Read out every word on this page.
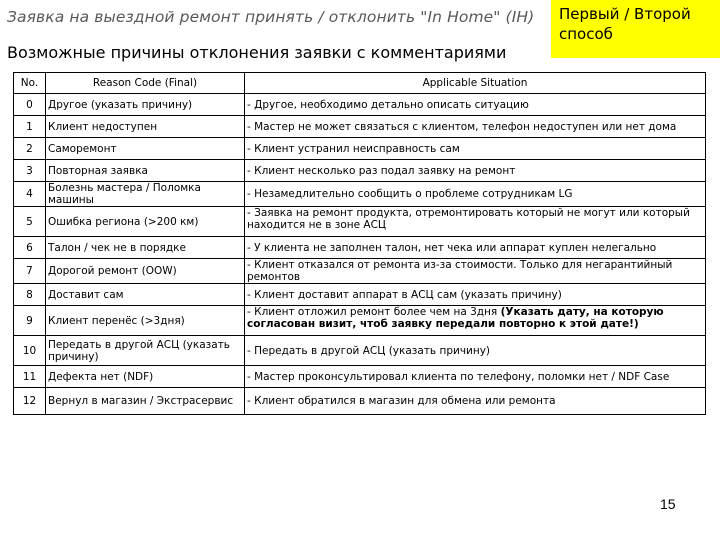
Заявка на выездной ремонт принять / отклонить "In Home" (IH)
Возможные причины отклонения заявки с комментариями
Первый / Второй способ
No.	Reason Code (Final)	Applicable Situation
0	Другое (указать причину)	- Другое, необходимо детально описать ситуацию
1	Клиент недоступен	- Мастер не может связаться с клиентом, телефон недоступен или нет дома
2	Саморемонт	- Клиент устранил неисправность сам
3	Повторная заявка	- Клиент несколько раз подал заявку на ремонт
4	Болезнь мастера / Поломка машины	- Незамедлительно сообщить о проблеме сотрудникам LG
5	Ошибка региона (>200 км)	- Заявка на ремонт продукта, отремонтировать который не могут или который находится не в зоне АСЦ
6	Талон / чек не в порядке	- У клиента не заполнен талон, нет чека или аппарат куплен нелегально
7	Дорогой ремонт (OOW)	- Клиент отказался от ремонта из-за стоимости. Только для негарантийный ремонтов
8	Доставит сам	- Клиент доставит аппарат в АСЦ сам (указать причину)
9	Клиент перенёс (>3дня)	- Клиент отложил ремонт более чем на 3дня (Указать дату, на которую согласован визит, чтоб заявку передали повторно к этой дате!)
10	Передать в другой АСЦ (указать причину)	- Передать в другой АСЦ (указать причину)
11	Дефекта нет (NDF)	- Мастер проконсультировал клиента по телефону, поломки нет / NDF Case
12	Вернул в магазин / Экстрасервис	- Клиент обратился в магазин для обмена или ремонта
15
